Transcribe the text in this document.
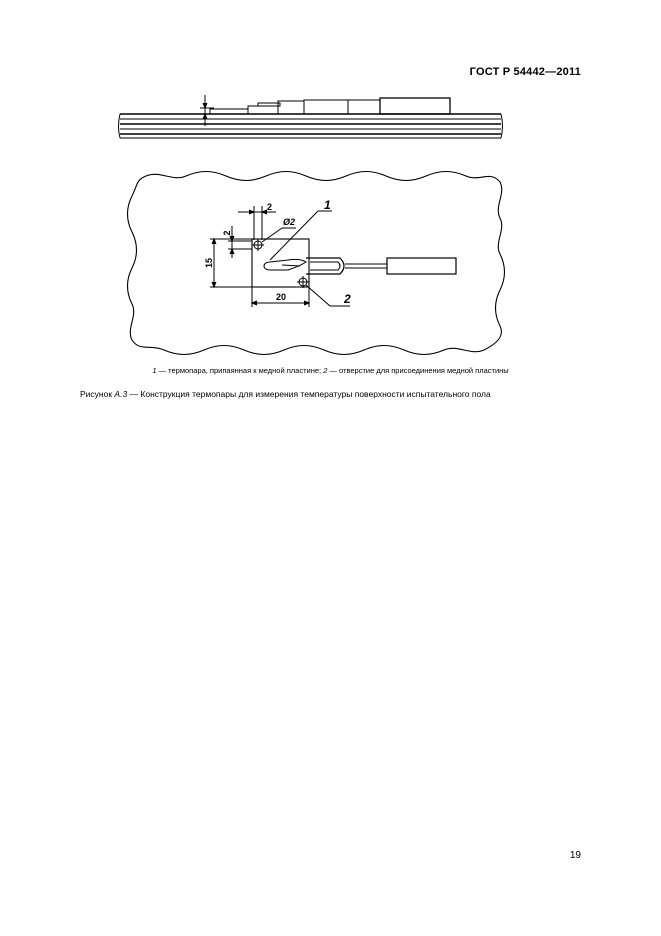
ГОСТ Р 54442—2011
2
2
Ø2
15
20
1
2
1 — термопара, припаянная к медной пластине; 2 — отверстие для присоединения медной пластины
Рисунок А.3 — Конструкция термопары для измерения температуры поверхности испытательного пола
19
